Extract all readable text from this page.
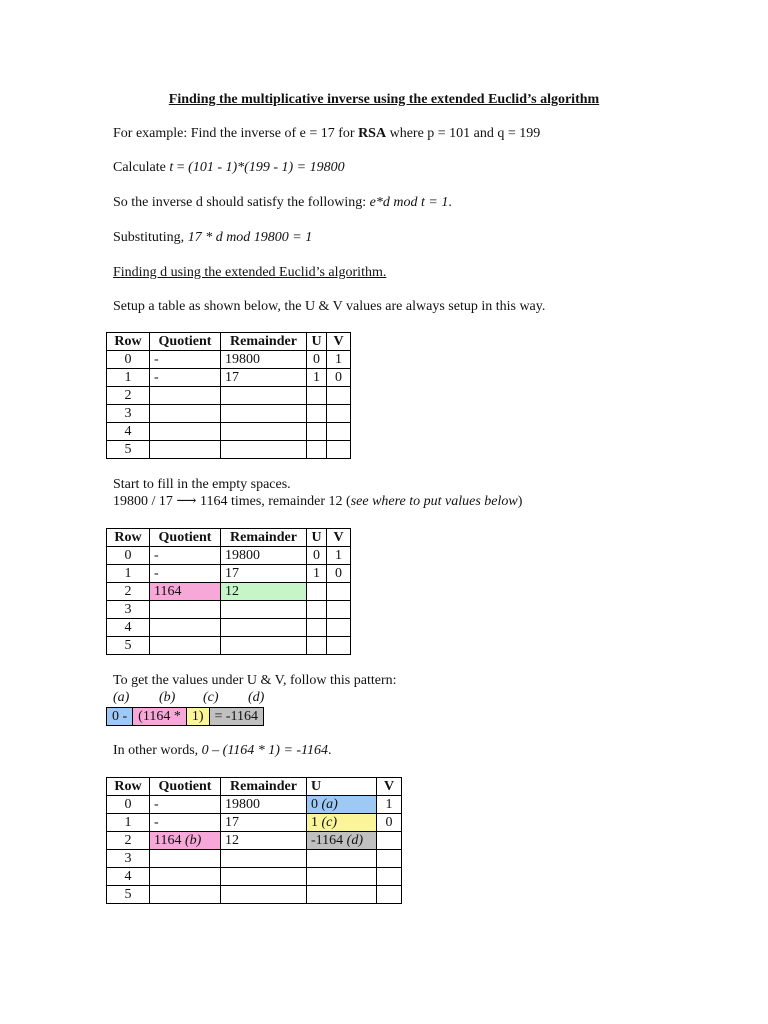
Finding the multiplicative inverse using the extended Euclid’s algorithm
For example: Find the inverse of e = 17 for RSA where p = 101 and q = 199
Calculate t = (101 - 1)*(199 - 1) = 19800
So the inverse d should satisfy the following: e*d mod t = 1.
Substituting, 17 * d mod 19800 = 1
Finding d using the extended Euclid’s algorithm.
Setup a table as shown below, the U & V values are always setup in this way.
Row	Quotient	Remainder	U	V
0	-	19800	0	1
1	-	17	1	0
2				
3				
4				
5				
Start to fill in the empty spaces.
19800 / 17 ⟶ 1164 times, remainder 12 (see where to put values below)
Row	Quotient	Remainder	U	V
0	-	19800	0	1
1	-	17	1	0
2	1164	12		
3				
4				
5				
To get the values under U & V, follow this pattern:
(a) (b) (c) (d)
0 -	(1164 *	1)	= -1164
In other words, 0 – (1164 * 1) = -1164.
Row	Quotient	Remainder	U	V
0	-	19800	0 (a)	1
1	-	17	1 (c)	0
2	1164 (b)	12	-1164 (d)	
3				
4				
5				
